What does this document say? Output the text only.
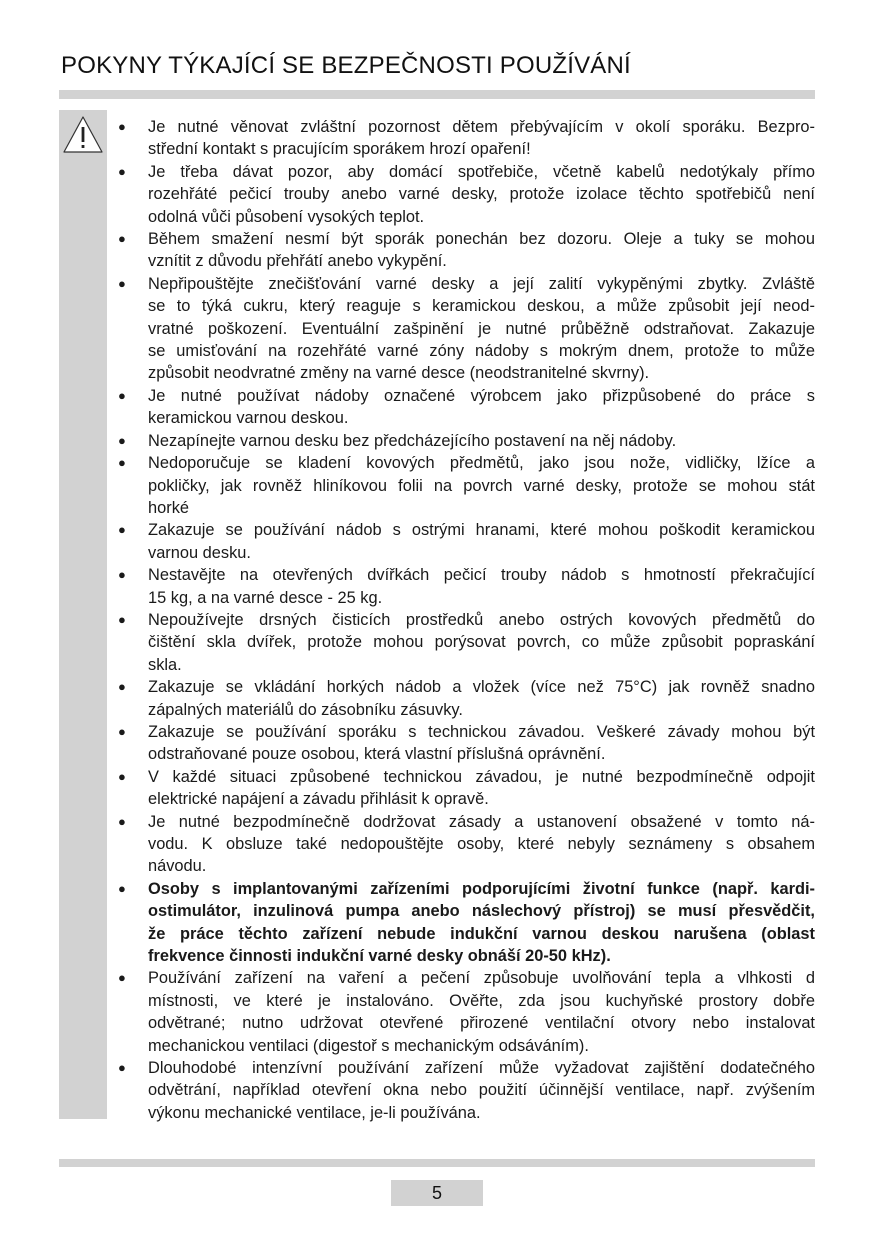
POKYNY TÝKAJÍCÍ SE BEZPEČNOSTI POUŽÍVÁNÍ
● Je nutné věnovat zvláštní pozornost dětem přebývajícím v okolí sporáku. Bezpro-
střední kontakt s pracujícím sporákem hrozí opaření!
● Je třeba dávat pozor, aby domácí spotřebiče, včetně kabelů nedotýkaly přímo
rozehřáté pečicí trouby anebo varné desky, protože izolace těchto spotřebičů není
odolná vůči působení vysokých teplot.
● Během smažení nesmí být sporák ponechán bez dozoru. Oleje a tuky se mohou
vznítit z důvodu přehřátí anebo vykypění.
● Nepřipouštějte znečišťování varné desky a její zalití vykypěnými zbytky. Zvláště
se to týká cukru, který reaguje s keramickou deskou, a může způsobit její neod-
vratné poškození. Eventuální zašpinění je nutné průběžně odstraňovat. Zakazuje
se umisťování na rozehřáté varné zóny nádoby s mokrým dnem, protože to může
způsobit neodvratné změny na varné desce (neodstranitelné skvrny).
● Je nutné používat nádoby označené výrobcem jako přizpůsobené do práce s
keramickou varnou deskou.
● Nezapínejte varnou desku bez předcházejícího postavení na něj nádoby.
● Nedoporučuje se kladení kovových předmětů, jako jsou nože, vidličky, lžíce a
pokličky, jak rovněž hliníkovou folii na povrch varné desky, protože se mohou stát
horké
● Zakazuje se používání nádob s ostrými hranami, které mohou poškodit keramickou
varnou desku.
● Nestavějte na otevřených dvířkách pečicí trouby nádob s hmotností překračující
15 kg, a na varné desce - 25 kg.
● Nepoužívejte drsných čisticích prostředků anebo ostrých kovových předmětů do
čištění skla dvířek, protože mohou porýsovat povrch, co může způsobit popraskání
skla.
● Zakazuje se vkládání horkých nádob a vložek (více než 75°C) jak rovněž snadno
zápalných materiálů do zásobníku zásuvky.
● Zakazuje se používání sporáku s technickou závadou. Veškeré závady mohou být
odstraňované pouze osobou, která vlastní příslušná oprávnění.
● V každé situaci způsobené technickou závadou, je nutné bezpodmínečně odpojit
elektrické napájení a závadu přihlásit k opravě.
● Je nutné bezpodmínečně dodržovat zásady a ustanovení obsažené v tomto ná-
vodu. K obsluze také nedopouštějte osoby, které nebyly seznámeny s obsahem
návodu.
● Osoby s implantovanými zařízeními podporujícími životní funkce (např. kardi-
ostimulátor, inzulinová pumpa anebo náslechový přístroj) se musí přesvědčit,
že práce těchto zařízení nebude indukční varnou deskou narušena (oblast
frekvence činnosti indukční varné desky obnáší 20-50 kHz).
● Používání zařízení na vaření a pečení způsobuje uvolňování tepla a vlhkosti d
místnosti, ve které je instalováno. Ověřte, zda jsou kuchyňské prostory dobře
odvětrané; nutno udržovat otevřené přirozené ventilační otvory nebo instalovat
mechanickou ventilaci (digestoř s mechanickým odsáváním).
● Dlouhodobé intenzívní používání zařízení může vyžadovat zajištění dodatečného
odvětrání, například otevření okna nebo použití účinnější ventilace, např. zvýšením
výkonu mechanické ventilace, je-li používána.
5
